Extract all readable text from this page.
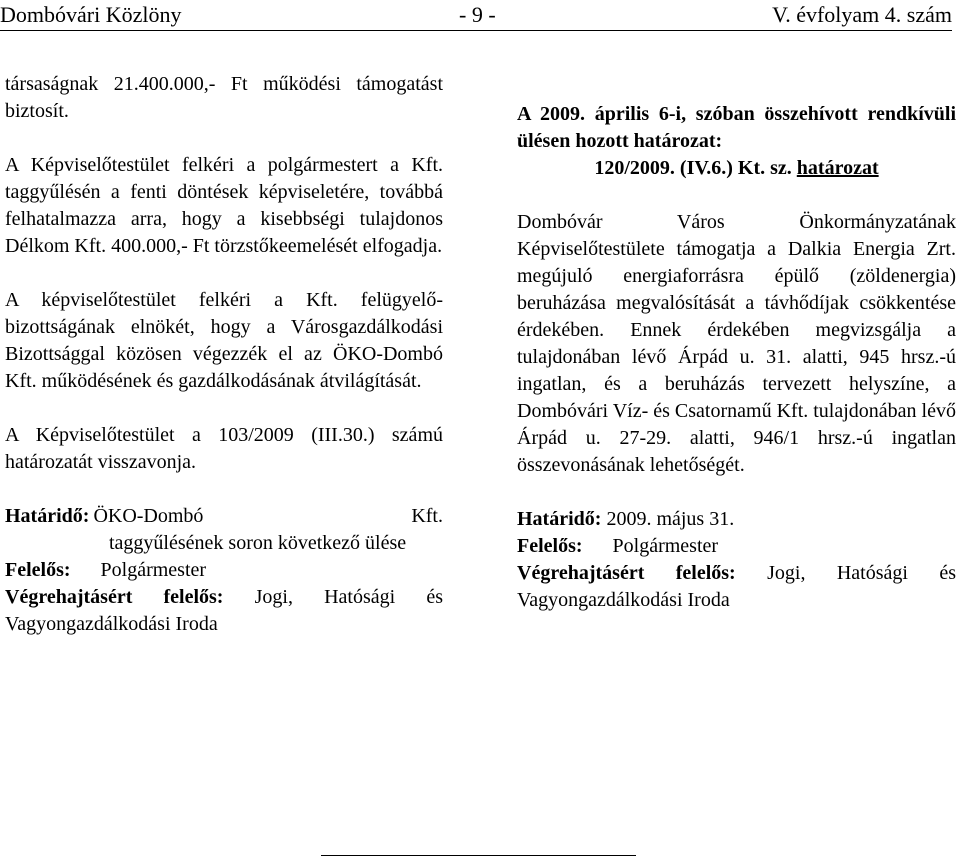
Dombóvári Közlöny	- 9 -	V. évfolyam 4. szám

társaságnak 21.400.000,- Ft működési támogatást biztosít.

A Képviselőtestület felkéri a polgármestert a Kft. taggyűlésén a fenti döntések képviseletére, továbbá felhatalmazza arra, hogy a kisebbségi tulajdonos Délkom Kft. 400.000,- Ft törzstőkeemelését elfogadja.

A képviselőtestület felkéri a Kft. felügyelő-bizottságának elnökét, hogy a Városgazdálkodási Bizottsággal közösen végezzék el az ÖKO-Dombó Kft. működésének és gazdálkodásának átvilágítását.

A Képviselőtestület a 103/2009 (III.30.) számú határozatát visszavonja.

Határidő: ÖKO-Dombó	Kft.
taggyűlésének soron következő ülése
Felelős: Polgármester
Végrehajtásért felelős: Jogi, Hatósági és Vagyongazdálkodási Iroda

A 2009. április 6-i, szóban összehívott rendkívüli ülésen hozott határozat:

120/2009. (IV.6.) Kt. sz. határozat

Dombóvár Város Önkormányzatának Képviselőtestülete támogatja a Dalkia Energia Zrt. megújuló energiaforrásra épülő (zöldenergia) beruházása megvalósítását a távhődíjak csökkentése érdekében. Ennek érdekében megvizsgálja a tulajdonában lévő Árpád u. 31. alatti, 945 hrsz.-ú ingatlan, és a beruházás tervezett helyszíne, a Dombóvári Víz- és Csatornamű Kft. tulajdonában lévő Árpád u. 27-29. alatti, 946/1 hrsz.-ú ingatlan összevonásának lehetőségét.

Határidő: 2009. május 31.
Felelős: Polgármester
Végrehajtásért felelős: Jogi, Hatósági és Vagyongazdálkodási Iroda
